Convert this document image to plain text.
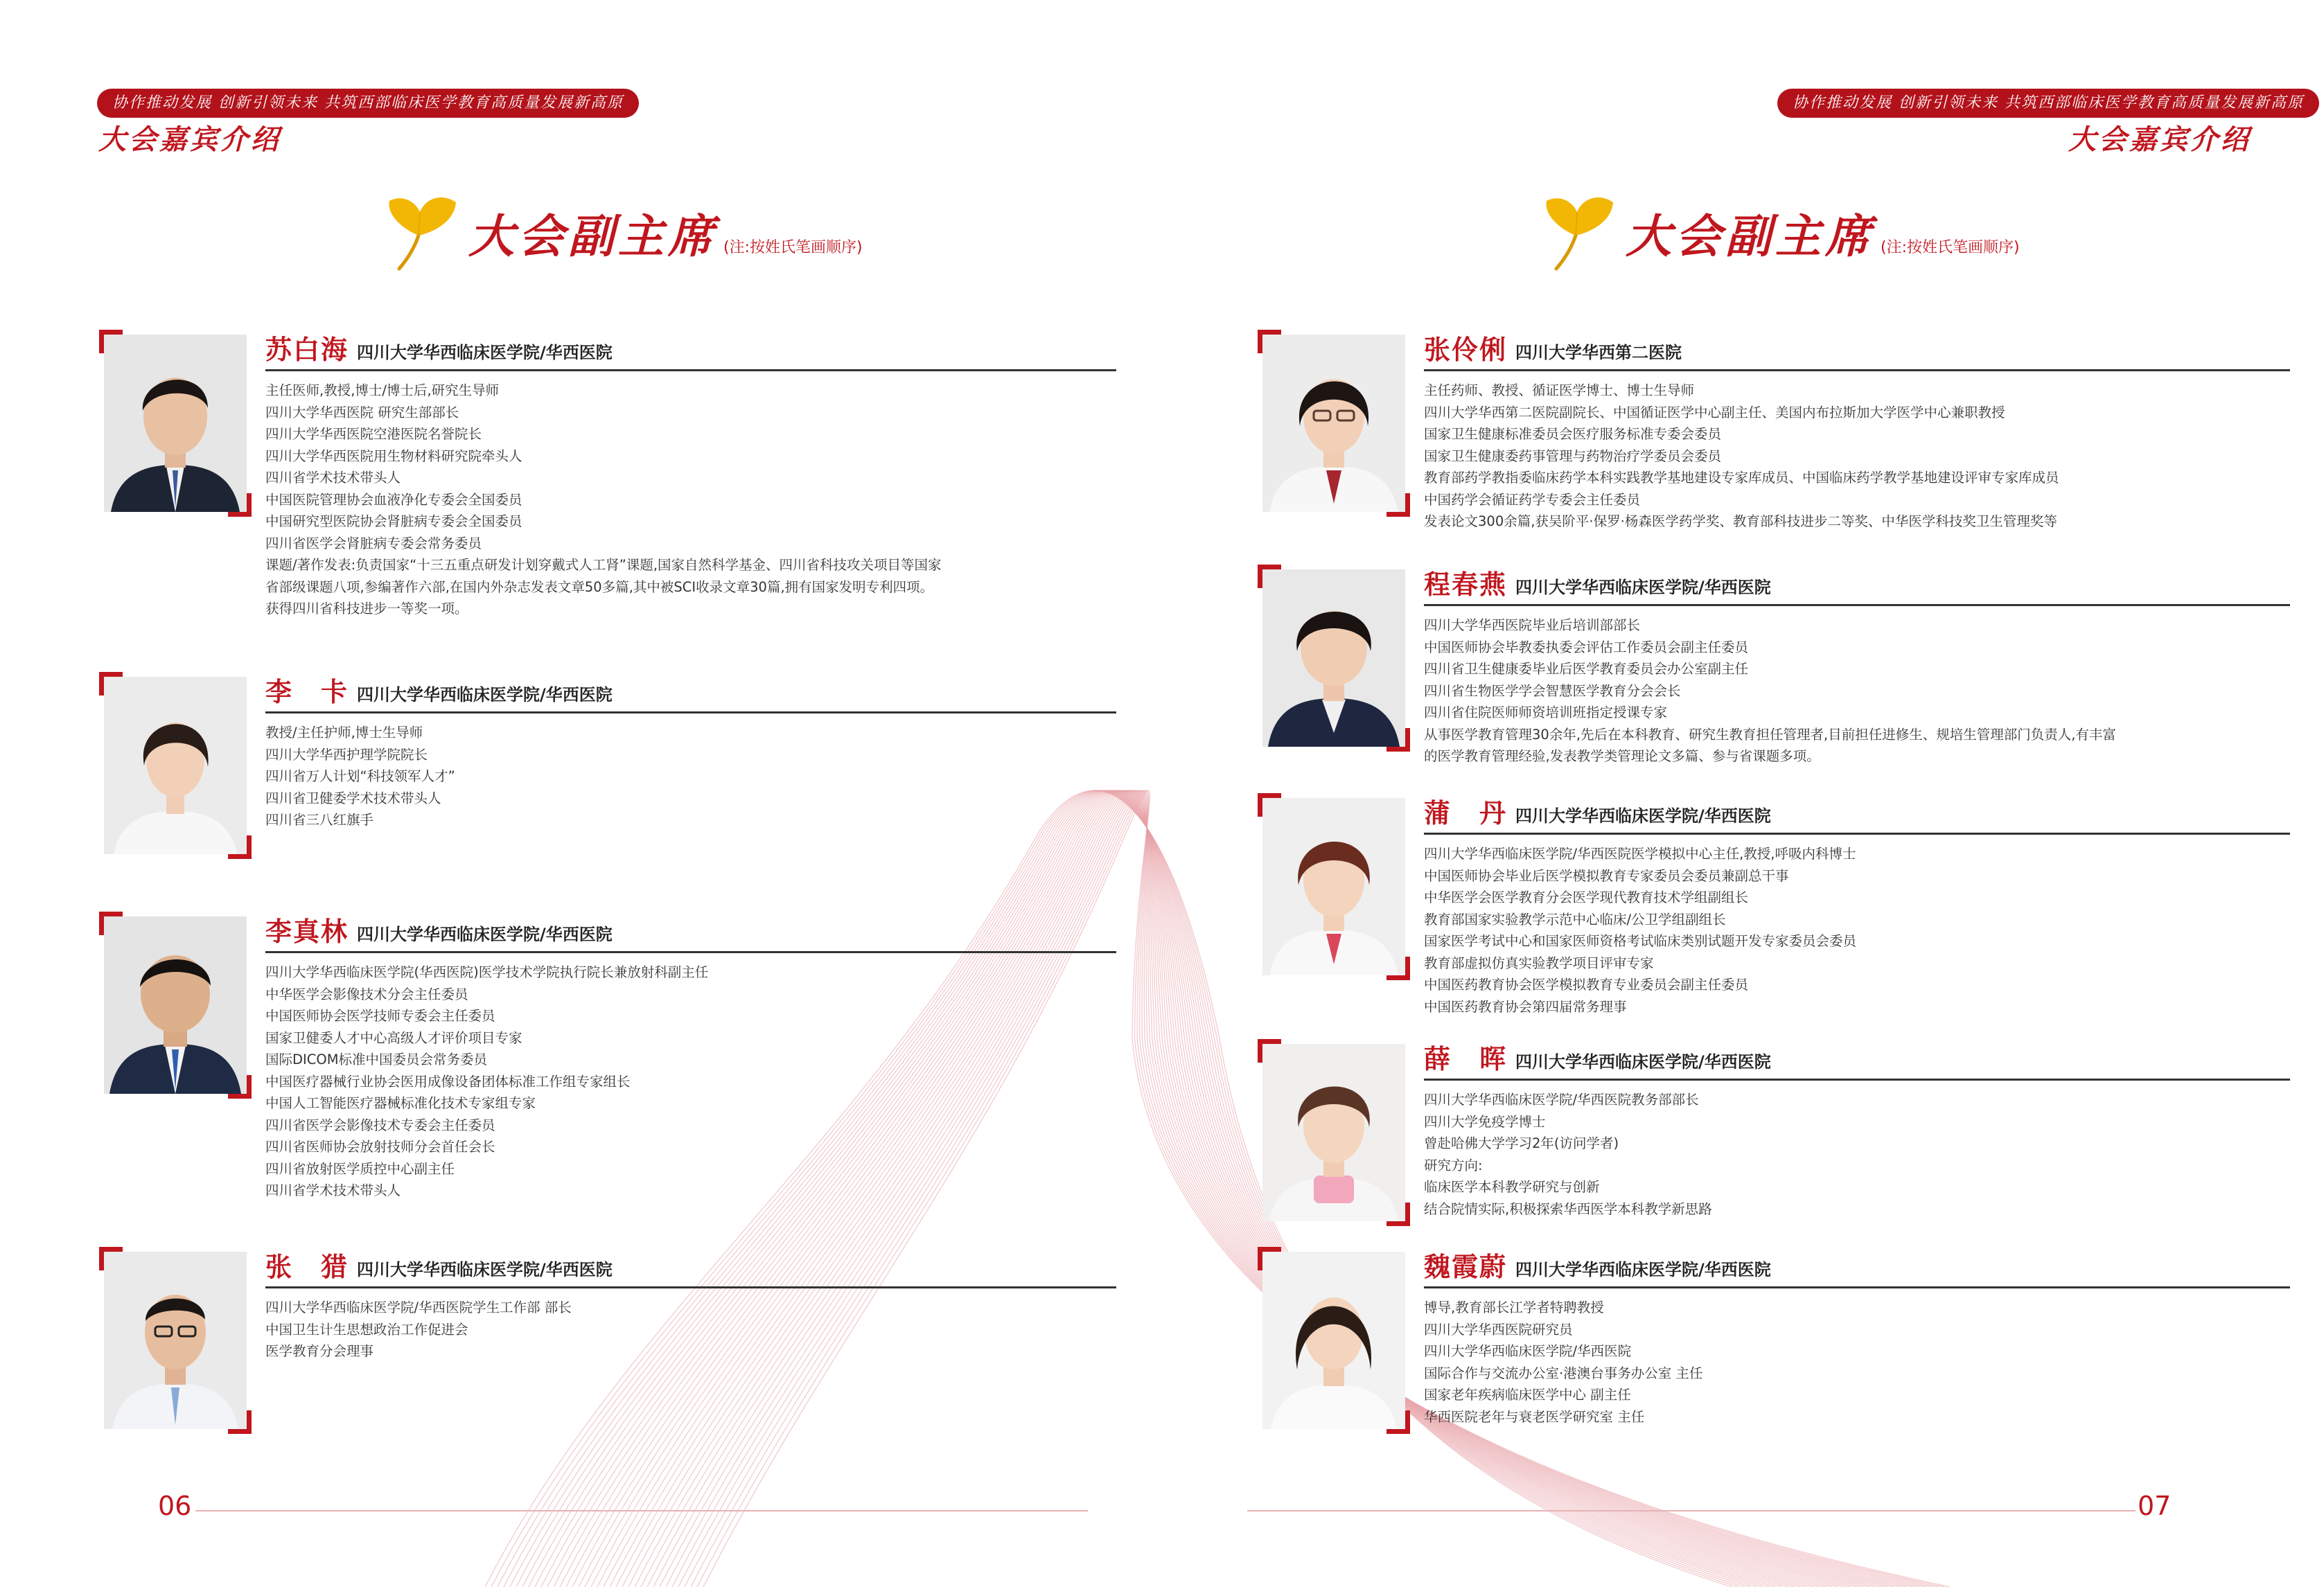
协作推动发展 创新引领未来 共筑西部临床医学教育高质量发展新高原
大会嘉宾介绍
协作推动发展 创新引领未来 共筑西部临床医学教育高质量发展新高原
大会嘉宾介绍
大会副主席 (注:按姓氏笔画顺序)	大会副主席 (注:按姓氏笔画顺序)
苏白海 四川大学华西临床医学院/华西医院
主任医师,教授,博士/博士后,研究生导师
四川大学华西医院 研究生部部长
四川大学华西医院空港医院名誉院长
四川大学华西医院用生物材料研究院牵头人
四川省学术技术带头人
中国医院管理协会血液净化专委会全国委员
中国研究型医院协会肾脏病专委会全国委员
四川省医学会肾脏病专委会常务委员
课题/著作发表:负责国家“十三五重点研发计划穿戴式人工肾”课题,国家自然科学基金、四川省科技攻关项目等国家
省部级课题八项,参编著作六部,在国内外杂志发表文章50多篇,其中被SCI收录文章30篇,拥有国家发明专利四项。
获得四川省科技进步一等奖一项。
李　卡 四川大学华西临床医学院/华西医院
教授/主任护师,博士生导师
四川大学华西护理学院院长
四川省万人计划“科技领军人才”
四川省卫健委学术技术带头人
四川省三八红旗手
李真林 四川大学华西临床医学院/华西医院
四川大学华西临床医学院(华西医院)医学技术学院执行院长兼放射科副主任
中华医学会影像技术分会主任委员
中国医师协会医学技师专委会主任委员
国家卫健委人才中心高级人才评价项目专家
国际DICOM标准中国委员会常务委员
中国医疗器械行业协会医用成像设备团体标准工作组专家组长
中国人工智能医疗器械标准化技术专家组专家
四川省医学会影像技术专委会主任委员
四川省医师协会放射技师分会首任会长
四川省放射医学质控中心副主任
四川省学术技术带头人
张　猎 四川大学华西临床医学院/华西医院
四川大学华西临床医学院/华西医院学生工作部 部长
中国卫生计生思想政治工作促进会
医学教育分会理事
张伶俐 四川大学华西第二医院
主任药师、教授、循证医学博士、博士生导师
四川大学华西第二医院副院长、中国循证医学中心副主任、美国内布拉斯加大学医学中心兼职教授
国家卫生健康标准委员会医疗服务标准专委会委员
国家卫生健康委药事管理与药物治疗学委员会委员
教育部药学教指委临床药学本科实践教学基地建设专家库成员、中国临床药学教学基地建设评审专家库成员
中国药学会循证药学专委会主任委员
发表论文300余篇,获吴阶平·保罗·杨森医学药学奖、教育部科技进步二等奖、中华医学科技奖卫生管理奖等
程春燕 四川大学华西临床医学院/华西医院
四川大学华西医院毕业后培训部部长
中国医师协会毕教委执委会评估工作委员会副主任委员
四川省卫生健康委毕业后医学教育委员会办公室副主任
四川省生物医学学会智慧医学教育分会会长
四川省住院医师师资培训班指定授课专家
从事医学教育管理30余年,先后在本科教育、研究生教育担任管理者,目前担任进修生、规培生管理部门负责人,有丰富
的医学教育管理经验,发表教学类管理论文多篇、参与省课题多项。
蒲　丹 四川大学华西临床医学院/华西医院
四川大学华西临床医学院/华西医院医学模拟中心主任,教授,呼吸内科博士
中国医师协会毕业后医学模拟教育专家委员会委员兼副总干事
中华医学会医学教育分会医学现代教育技术学组副组长
教育部国家实验教学示范中心临床/公卫学组副组长
国家医学考试中心和国家医师资格考试临床类别试题开发专家委员会委员
教育部虚拟仿真实验教学项目评审专家
中国医药教育协会医学模拟教育专业委员会副主任委员
中国医药教育协会第四届常务理事
薛　晖 四川大学华西临床医学院/华西医院
四川大学华西临床医学院/华西医院教务部部长
四川大学免疫学博士
曾赴哈佛大学学习2年(访问学者)
研究方向:
临床医学本科教学研究与创新
结合院情实际,积极探索华西医学本科教学新思路
魏霞蔚 四川大学华西临床医学院/华西医院
博导,教育部长江学者特聘教授
四川大学华西医院研究员
四川大学华西临床医学院/华西医院
国际合作与交流办公室·港澳台事务办公室 主任
国家老年疾病临床医学中心 副主任
华西医院老年与衰老医学研究室 主任
06	07
